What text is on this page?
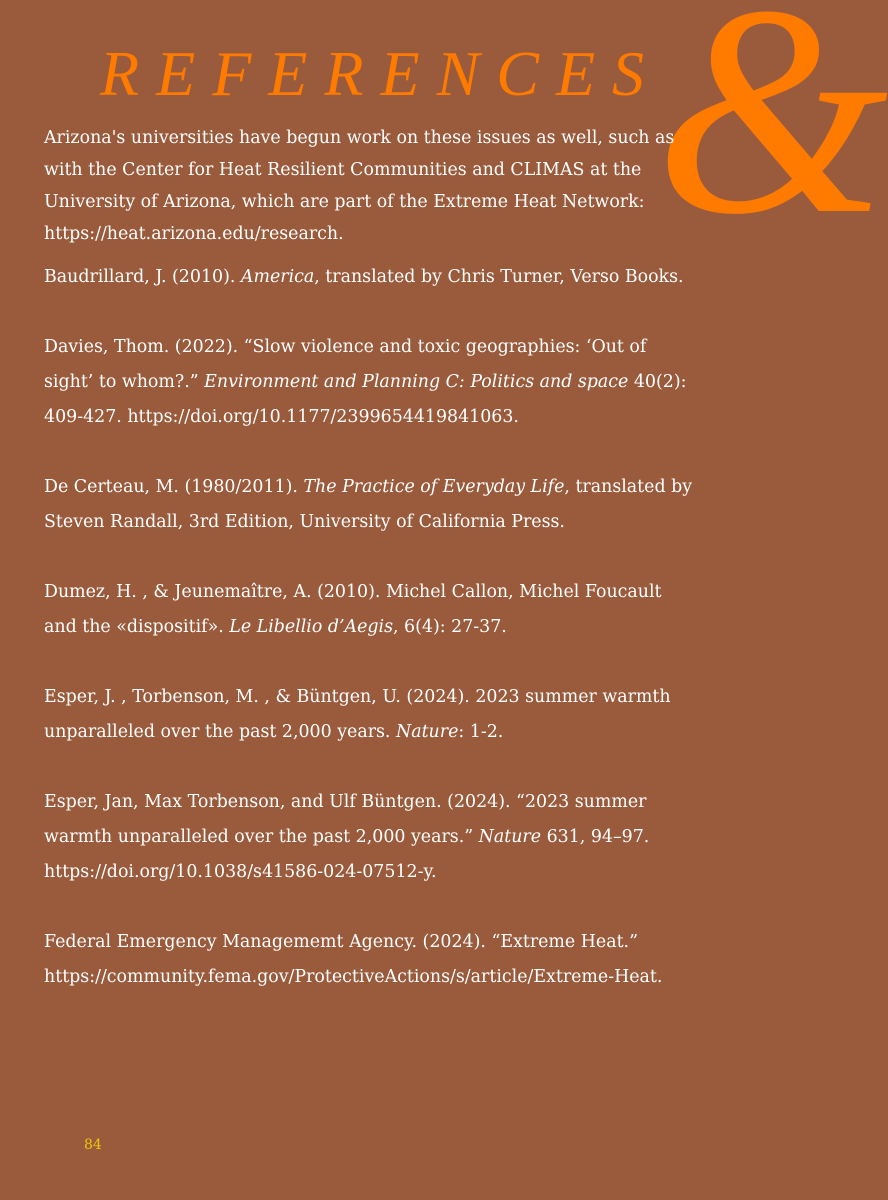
&
REFERENCES

Arizona's universities have begun work on these issues as well, such as with the Center for Heat Resilient Communities and CLIMAS at the University of Arizona, which are part of the Extreme Heat Network: https://heat.arizona.edu/research.

Baudrillard, J. (2010). America, translated by Chris Turner, Verso Books.

Davies, Thom. (2022). “Slow violence and toxic geographies: ‘Out of sight’ to whom?.” Environment and Planning C: Politics and space 40(2): 409-427. https://doi.org/10.1177/2399654419841063.

De Certeau, M. (1980/2011). The Practice of Everyday Life, translated by Steven Randall, 3rd Edition, University of California Press.

Dumez, H. , & Jeunemaître, A. (2010). Michel Callon, Michel Foucault and the «dispositif». Le Libellio d’Aegis, 6(4): 27-37.

Esper, J. , Torbenson, M. , & Büntgen, U. (2024). 2023 summer warmth unparalleled over the past 2,000 years. Nature: 1-2.

Esper, Jan, Max Torbenson, and Ulf Büntgen. (2024). “2023 summer warmth unparalleled over the past 2,000 years.” Nature 631, 94–97. https://doi.org/10.1038/s41586-024-07512-y.

Federal Emergency Managememt Agency. (2024). “Extreme Heat.” https://community.fema.gov/ProtectiveActions/s/article/Extreme-Heat.

84
